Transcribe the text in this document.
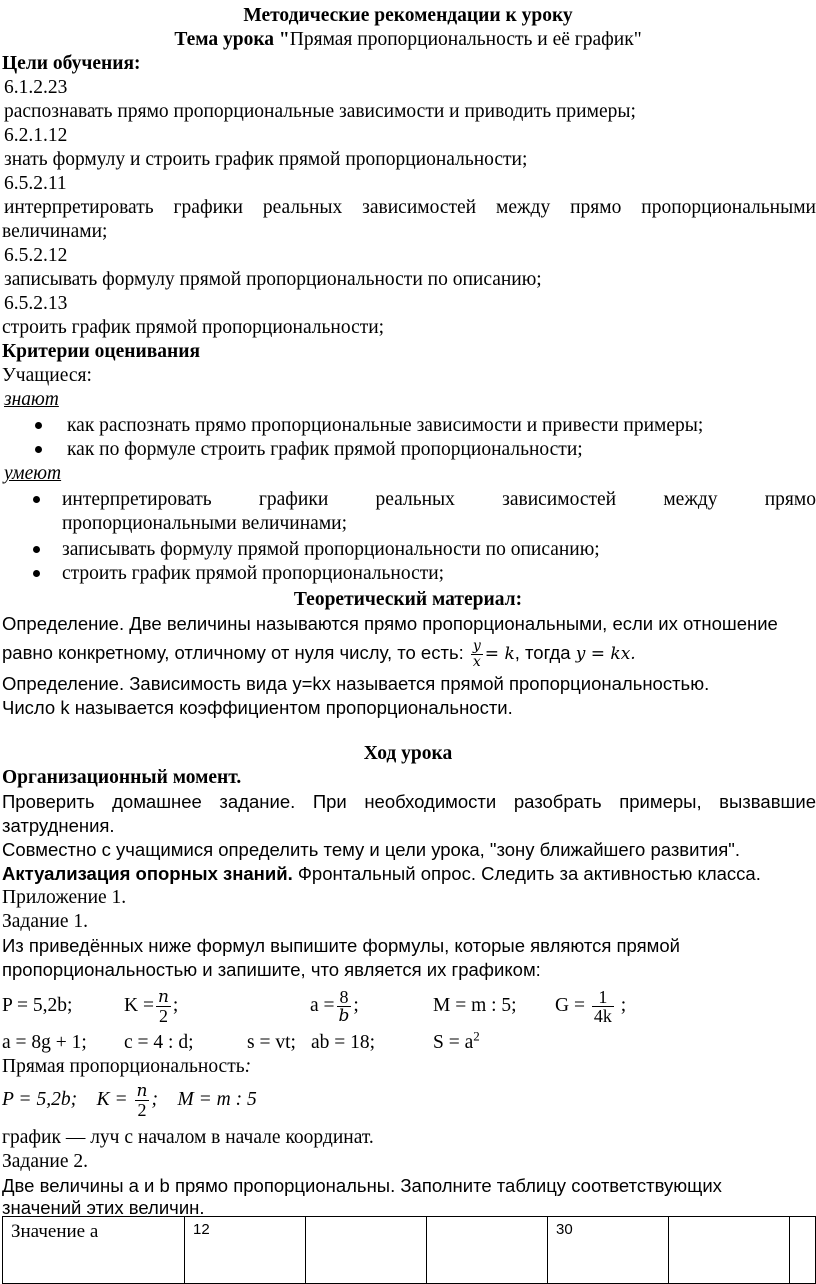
Методические рекомендации к уроку
Тема урока "Прямая пропорциональность и её график"
Цели обучения:
6.1.2.23
распознавать прямо пропорциональные зависимости и приводить примеры;
6.2.1.12
знать формулу и строить график прямой пропорциональности;
6.5.2.11
интерпретировать графики реальных зависимостей между прямо пропорциональными
величинами;
6.5.2.12
записывать формулу прямой пропорциональности по описанию;
6.5.2.13
строить график прямой пропорциональности;
Критерии оценивания
Учащиеся:
знают
как распознать прямо пропорциональные зависимости и привести примеры;
как по формуле строить график прямой пропорциональности;
умеют
интерпретировать графики реальных зависимостей между прямо
пропорциональными величинами;
записывать формулу прямой пропорциональности по описанию;
строить график прямой пропорциональности;
Теоретический материал:
Определение. Две величины называются прямо пропорциональными, если их отношение
равно конкретному, отличному от нуля числу, то есть: $\frac{y}{x} = k$, тогда y = kx.
Определение. Зависимость вида y=kx называется прямой пропорциональностью.
Число k называется коэффициентом пропорциональности.
Ход урока
Организационный момент.
Проверить домашнее задание. При необходимости разобрать примеры, вызвавшие
затруднения.
Совместно с учащимися определить тему и цели урока, "зону ближайшего развития".
Актуализация опорных знаний. Фронтальный опрос. Следить за активностью класса.
Приложение 1.
Задание 1.
Из приведённых ниже формул выпишите формулы, которые являются прямой
пропорциональностью и запишите, что является их графиком:
P = 5,2b;	$K = \frac{n}{2}$ ;	$a = \frac{8}{b}$ ;	M = m : 5; $G = \frac{1}{4k}$ ;
a = 8g + 1; c = 4 : d;	s = vt; ab = 18;	$S = a^2$
Прямая пропорциональность:
P = 5,2b; $K = \frac{n}{2}$ ; M = m : 5
график — луч с началом в начале координат.
Задание 2.
Две величины a и b прямо пропорциональны. Заполните таблицу соответствующих
значений этих величин.
Значение a	12			30		
